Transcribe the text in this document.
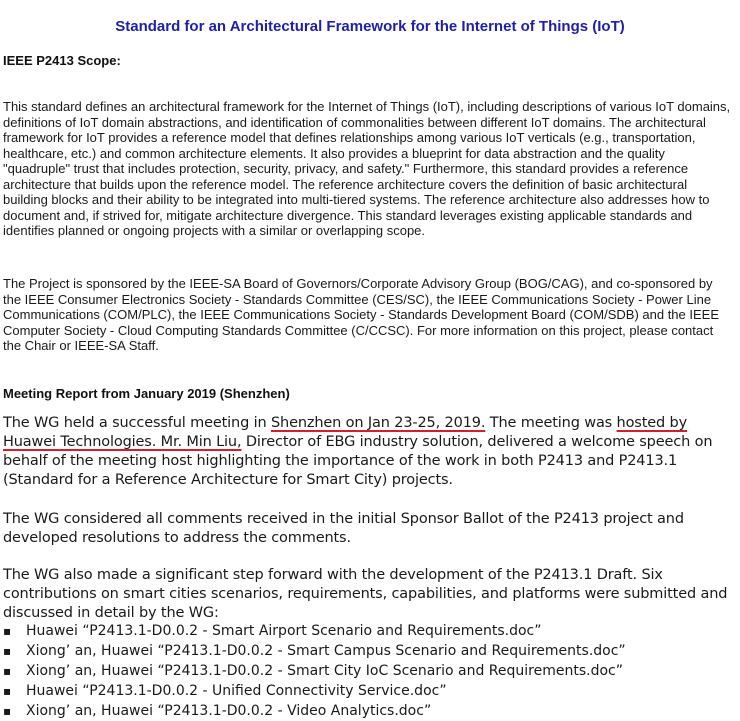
Standard for an Architectural Framework for the Internet of Things (IoT)
IEEE P2413 Scope:
This standard defines an architectural framework for the Internet of Things (IoT), including descriptions of various IoT domains, definitions of IoT domain abstractions, and identification of commonalities between different IoT domains. The architectural framework for IoT provides a reference model that defines relationships among various IoT verticals (e.g., transportation, healthcare, etc.) and common architecture elements. It also provides a blueprint for data abstraction and the quality "quadruple" trust that includes protection, security, privacy, and safety." Furthermore, this standard provides a reference architecture that builds upon the reference model. The reference architecture covers the definition of basic architectural building blocks and their ability to be integrated into multi-tiered systems. The reference architecture also addresses how to document and, if strived for, mitigate architecture divergence. This standard leverages existing applicable standards and identifies planned or ongoing projects with a similar or overlapping scope.
The Project is sponsored by the IEEE-SA Board of Governors/Corporate Advisory Group (BOG/CAG), and co-sponsored by the IEEE Consumer Electronics Society - Standards Committee (CES/SC), the IEEE Communications Society - Power Line Communications (COM/PLC), the IEEE Communications Society - Standards Development Board (COM/SDB) and the IEEE Computer Society - Cloud Computing Standards Committee (C/CCSC). For more information on this project, please contact the Chair or IEEE-SA Staff.
Meeting Report from January 2019 (Shenzhen)
The WG held a successful meeting in Shenzhen on Jan 23-25, 2019. The meeting was hosted by Huawei Technologies. Mr. Min Liu, Director of EBG industry solution, delivered a welcome speech on behalf of the meeting host highlighting the importance of the work in both P2413 and P2413.1 (Standard for a Reference Architecture for Smart City) projects.
The WG considered all comments received in the initial Sponsor Ballot of the P2413 project and developed resolutions to address the comments.
The WG also made a significant step forward with the development of the P2413.1 Draft. Six contributions on smart cities scenarios, requirements, capabilities, and platforms were submitted and discussed in detail by the WG:
▪ Huawei “P2413.1-D0.0.2 - Smart Airport Scenario and Requirements.doc”
▪ Xiong’ an, Huawei “P2413.1-D0.0.2 - Smart Campus Scenario and Requirements.doc”
▪ Xiong’ an, Huawei “P2413.1-D0.0.2 - Smart City IoC Scenario and Requirements.doc”
▪ Huawei “P2413.1-D0.0.2 - Unified Connectivity Service.doc”
▪ Xiong’ an, Huawei “P2413.1-D0.0.2 - Video Analytics.doc”
